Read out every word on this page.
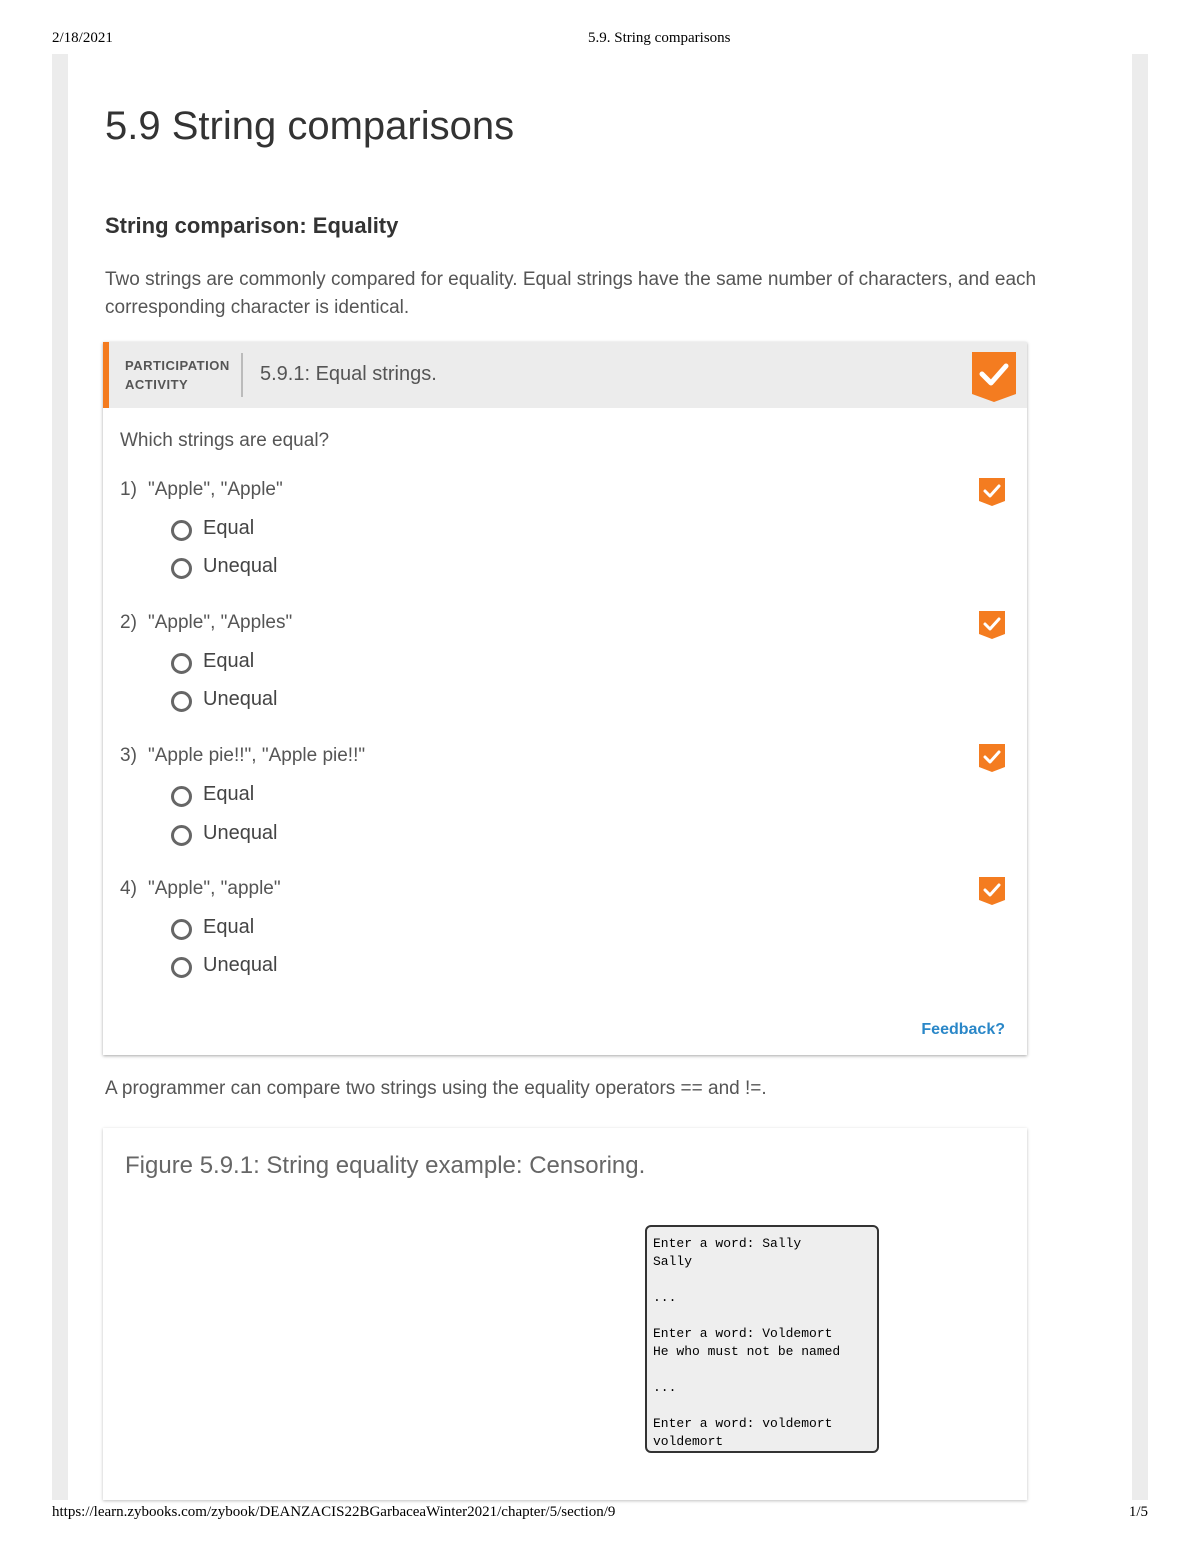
2/18/2021	5.9. String comparisons
5.9 String comparisons
String comparison: Equality

Two strings are commonly compared for equality. Equal strings have the same number of characters, and each corresponding character is identical.

PARTICIPATION
ACTIVITY	5.9.1: Equal strings.
Which strings are equal?
1) "Apple", "Apple"
Equal
Unequal
2) "Apple", "Apples"
Equal
Unequal
3) "Apple pie!!", "Apple pie!!"
Equal
Unequal
4) "Apple", "apple"
Equal
Unequal
Feedback?

A programmer can compare two strings using the equality operators == and !=.

Figure 5.9.1: String equality example: Censoring.
Enter a word: Sally
Sally
...
Enter a word: Voldemort
He who must not be named
...
Enter a word: voldemort
voldemort
https://learn.zybooks.com/zybook/DEANZACIS22BGarbaceaWinter2021/chapter/5/section/9	1/5
